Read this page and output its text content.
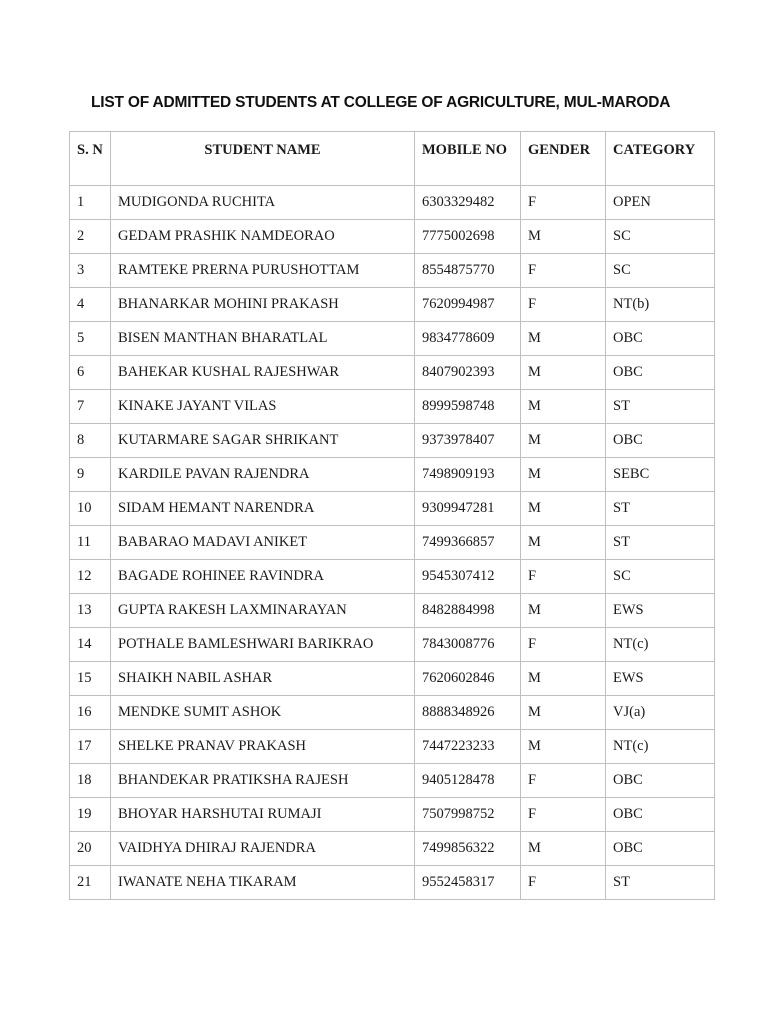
LIST OF ADMITTED STUDENTS AT COLLEGE OF AGRICULTURE, MUL-MARODA
S. N	STUDENT NAME	MOBILE NO	GENDER	CATEGORY
1	MUDIGONDA RUCHITA	6303329482	F	OPEN
2	GEDAM PRASHIK NAMDEORAO	7775002698	M	SC
3	RAMTEKE PRERNA PURUSHOTTAM	8554875770	F	SC
4	BHANARKAR MOHINI PRAKASH	7620994987	F	NT(b)
5	BISEN MANTHAN BHARATLAL	9834778609	M	OBC
6	BAHEKAR KUSHAL RAJESHWAR	8407902393	M	OBC
7	KINAKE JAYANT VILAS	8999598748	M	ST
8	KUTARMARE SAGAR SHRIKANT	9373978407	M	OBC
9	KARDILE PAVAN RAJENDRA	7498909193	M	SEBC
10	SIDAM HEMANT NARENDRA	9309947281	M	ST
11	BABARAO MADAVI ANIKET	7499366857	M	ST
12	BAGADE ROHINEE RAVINDRA	9545307412	F	SC
13	GUPTA RAKESH LAXMINARAYAN	8482884998	M	EWS
14	POTHALE BAMLESHWARI BARIKRAO	7843008776	F	NT(c)
15	SHAIKH NABIL ASHAR	7620602846	M	EWS
16	MENDKE SUMIT ASHOK	8888348926	M	VJ(a)
17	SHELKE PRANAV PRAKASH	7447223233	M	NT(c)
18	BHANDEKAR PRATIKSHA RAJESH	9405128478	F	OBC
19	BHOYAR HARSHUTAI RUMAJI	7507998752	F	OBC
20	VAIDHYA DHIRAJ RAJENDRA	7499856322	M	OBC
21	IWANATE NEHA TIKARAM	9552458317	F	ST
